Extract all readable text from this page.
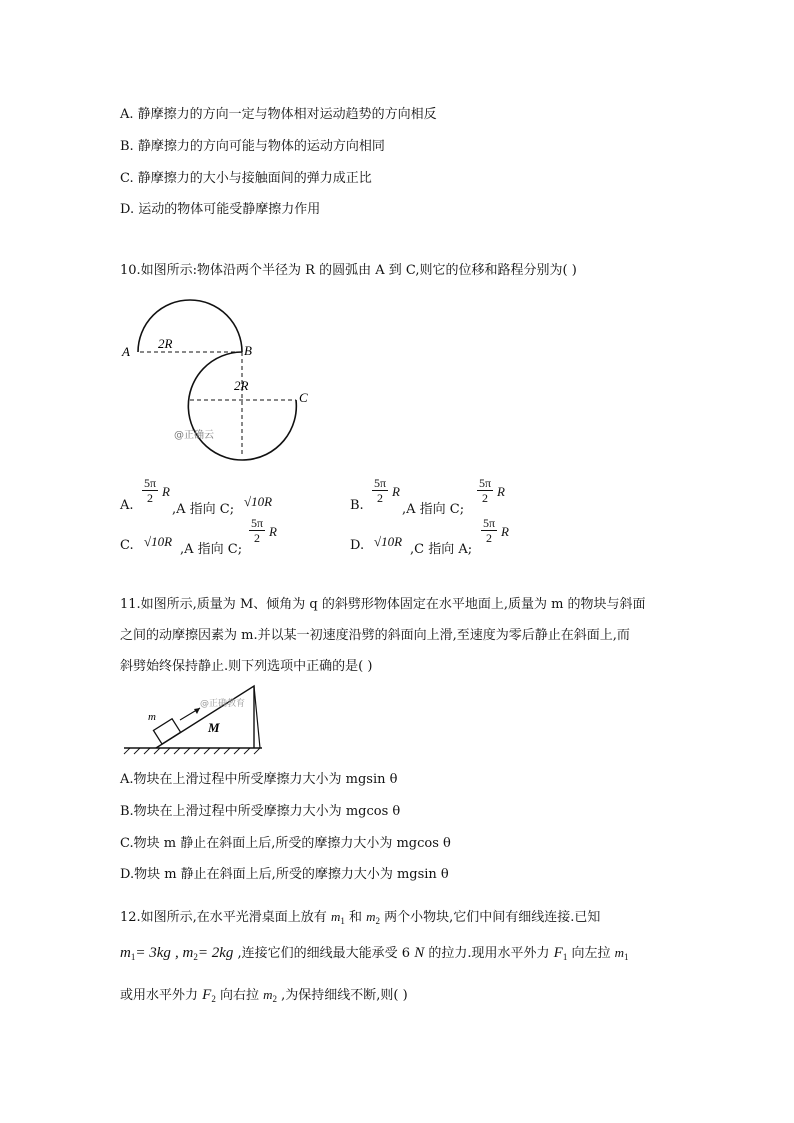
A. 静摩擦力的方向一定与物体相对运动趋势的方向相反
B. 静摩擦力的方向可能与物体的运动方向相同
C. 静摩擦力的大小与接触面间的弹力成正比
D. 运动的物体可能受静摩擦力作用
10.如图所示:物体沿两个半径为 R 的圆弧由 A 到 C,则它的位移和路程分别为( )
A	B
C
2R
2R
@正确云
A.
$\frac{5\pi}{2}$ R
,A 指向 C;
√10R	B.
$\frac{5\pi}{2}$ R
,A 指向 C;
$\frac{5\pi}{2}$ R
C. √10R
,A 指向 C;
$\frac{5\pi}{2}$ R
D. √10R
,C 指向 A;
$\frac{5\pi}{2}$ R
11.如图所示,质量为 M、倾角为 q 的斜劈形物体固定在水平地面上,质量为 m 的物块与斜面
之间的动摩擦因素为 m.并以某一初速度沿劈的斜面向上滑,至速度为零后静止在斜面上,而
斜劈始终保持静止.则下列选项中正确的是( )
m
M
@正确教育
A.物块在上滑过程中所受摩擦力大小为 mgsin θ
B.物块在上滑过程中所受摩擦力大小为 mgcos θ
C.物块 m 静止在斜面上后,所受的摩擦力大小为 mgcos θ
D.物块 m 静止在斜面上后,所受的摩擦力大小为 mgsin θ
12.如图所示,在水平光滑桌面上放有 $m_1$ 和 $m_2$ 两个小物块,它们中间有细线连接.已知
$m_1= 3kg$ , $m_2= 2kg$ ,连接它们的细线最大能承受 6 N 的拉力.现用水平外力 $F_1$ 向左拉 $m_1$
或用水平外力 $F_2$ 向右拉 $m_2$ ,为保持细线不断,则( )
